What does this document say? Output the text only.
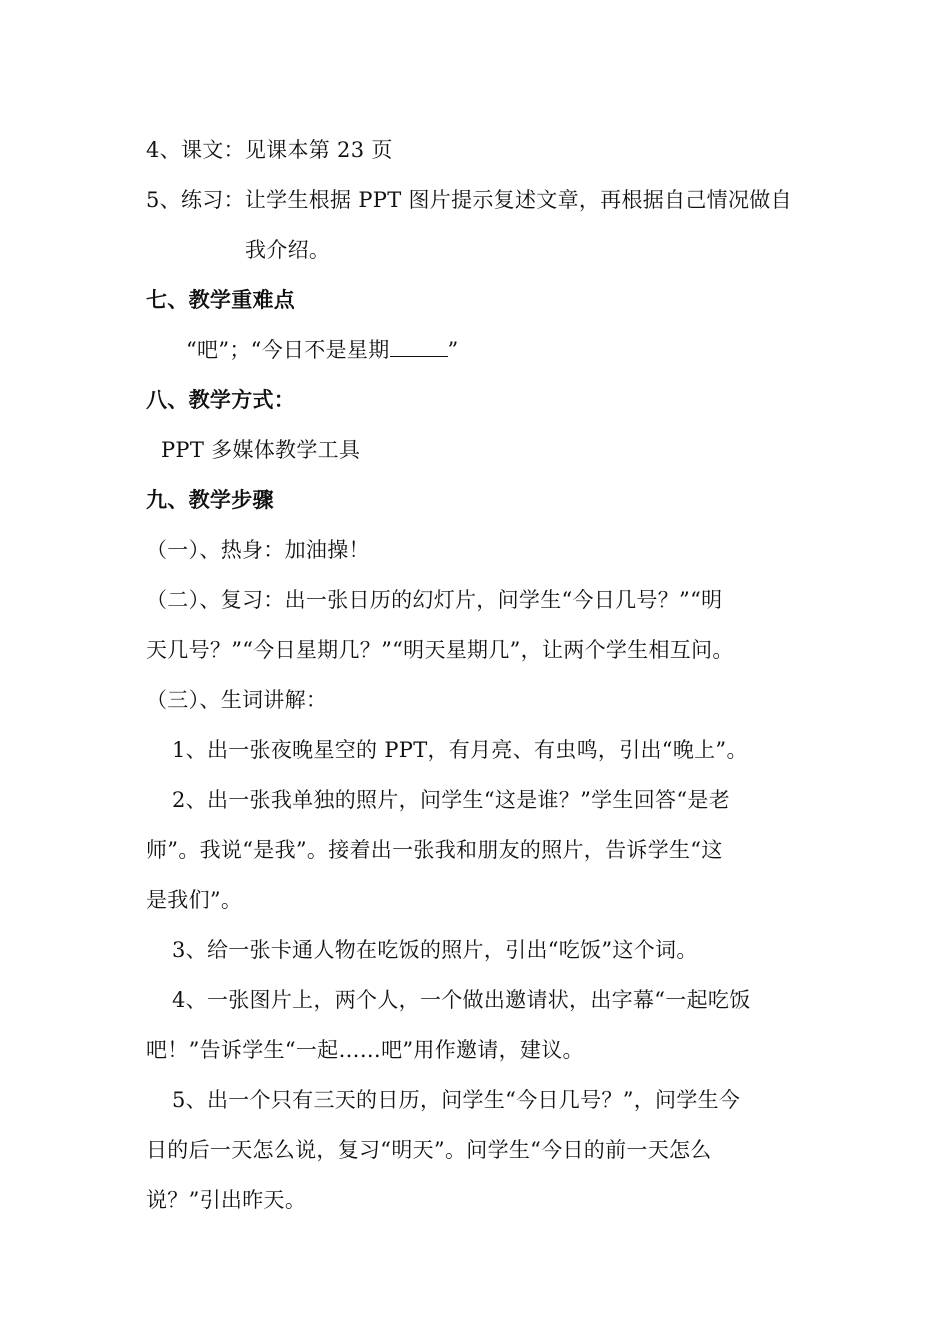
4、课文：见课本第 23 页
5、练习：让学生根据 PPT 图片提示复述文章，再根据自己情况做自
我介绍。
七、教学重难点
“吧”；“今日不是星期	”
八、教学方式：
PPT 多媒体教学工具
九、教学步骤
（一）、热身：加油操！
（二）、复习：出一张日历的幻灯片，问学生“今日几号？”“明
天几号？”“今日星期几？”“明天星期几”，让两个学生相互问。
（三）、生词讲解：
1、出一张夜晚星空的 PPT，有月亮、有虫鸣，引出“晚上”。
2、出一张我单独的照片，问学生“这是谁？”学生回答“是老
师”。我说“是我”。接着出一张我和朋友的照片，告诉学生“这
是我们”。
3、给一张卡通人物在吃饭的照片，引出“吃饭”这个词。
4、一张图片上，两个人，一个做出邀请状，出字幕“一起吃饭
吧！”告诉学生“一起……吧”用作邀请，建议。
5、出一个只有三天的日历，问学生“今日几号？”，问学生今
日的后一天怎么说，复习“明天”。问学生“今日的前一天怎么
说？”引出昨天。
